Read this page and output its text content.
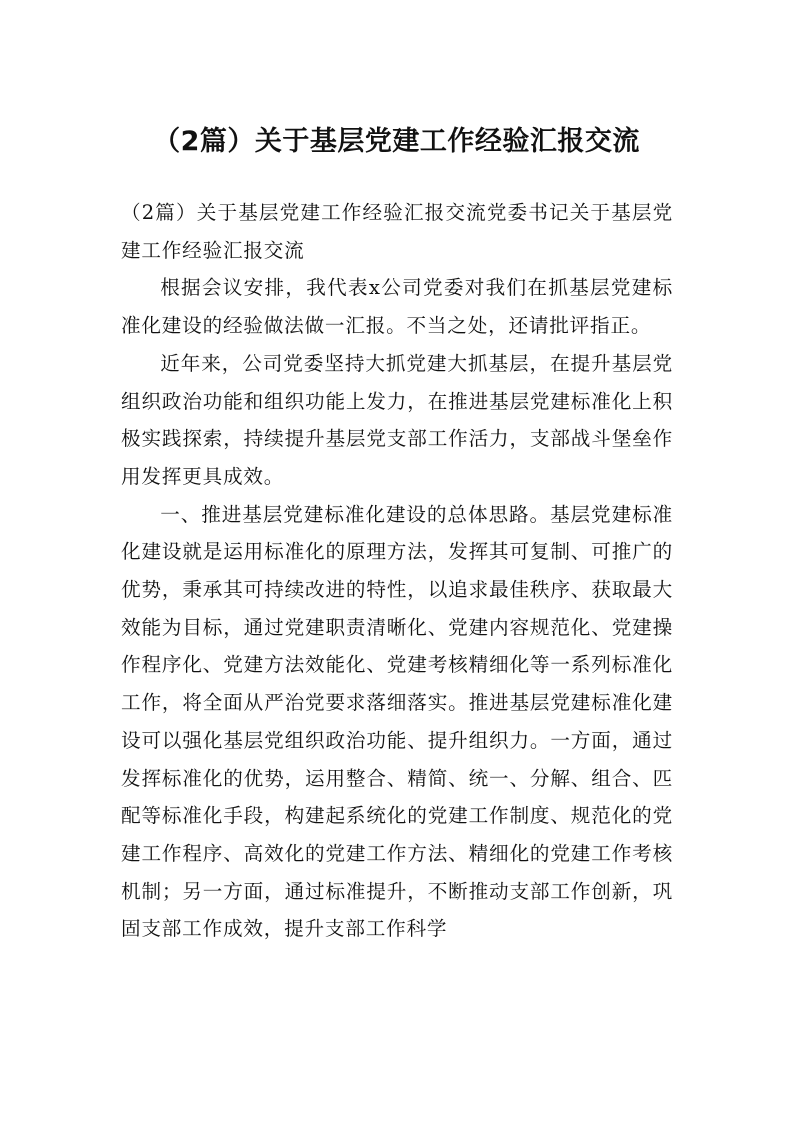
（2篇）关于基层党建工作经验汇报交流

（2篇）关于基层党建工作经验汇报交流党委书记关于基层党建工作经验汇报交流

根据会议安排，我代表x公司党委对我们在抓基层党建标准化建设的经验做法做一汇报。不当之处，还请批评指正。

近年来，公司党委坚持大抓党建大抓基层，在提升基层党组织政治功能和组织功能上发力，在推进基层党建标准化上积极实践探索，持续提升基层党支部工作活力，支部战斗堡垒作用发挥更具成效。

一、推进基层党建标准化建设的总体思路。基层党建标准化建设就是运用标准化的原理方法，发挥其可复制、可推广的优势，秉承其可持续改进的特性，以追求最佳秩序、获取最大效能为目标，通过党建职责清晰化、党建内容规范化、党建操作程序化、党建方法效能化、党建考核精细化等一系列标准化工作，将全面从严治党要求落细落实。推进基层党建标准化建设可以强化基层党组织政治功能、提升组织力。一方面，通过发挥标准化的优势，运用整合、精简、统一、分解、组合、匹配等标准化手段，构建起系统化的党建工作制度、规范化的党建工作程序、高效化的党建工作方法、精细化的党建工作考核机制；另一方面，通过标准提升，不断推动支部工作创新，巩固支部工作成效，提升支部工作科学
